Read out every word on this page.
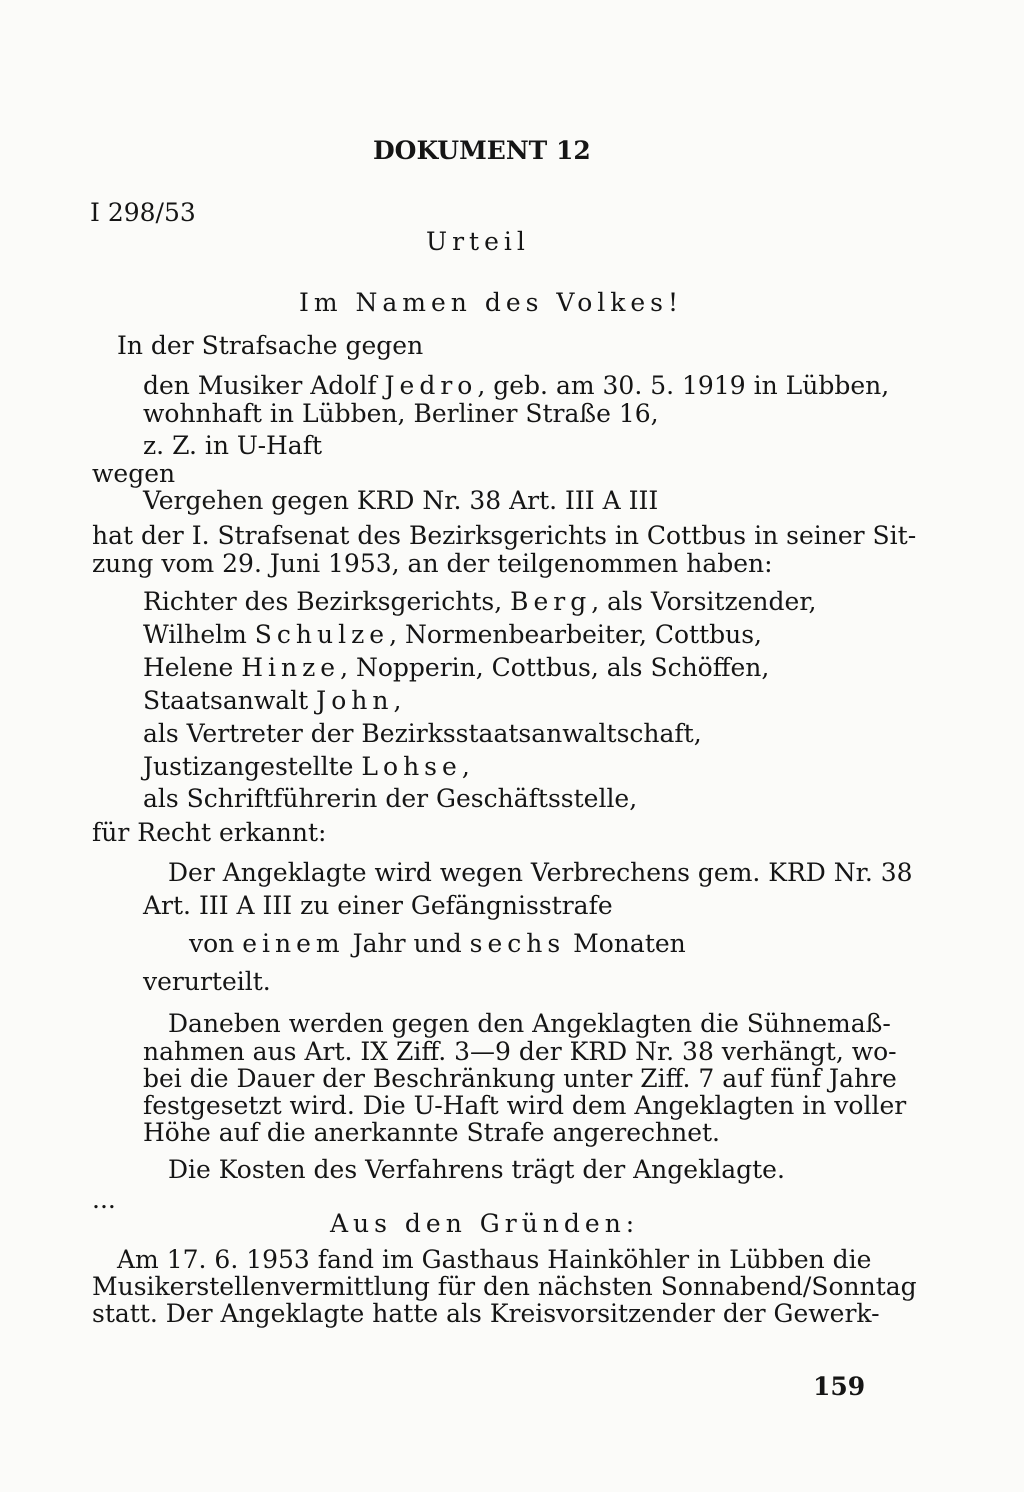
DOKUMENT 12
I 298/53
Urteil
Im Namen des Volkes!
In der Strafsache gegen
den Musiker Adolf Jedro, geb. am 30. 5. 1919 in Lübben,
wohnhaft in Lübben, Berliner Straße 16,
z. Z. in U-Haft
wegen
Vergehen gegen KRD Nr. 38 Art. III A III
hat der I. Strafsenat des Bezirksgerichts in Cottbus in seiner Sit-
zung vom 29. Juni 1953, an der teilgenommen haben:
Richter des Bezirksgerichts, Berg, als Vorsitzender,
Wilhelm Schulze, Normenbearbeiter, Cottbus,
Helene Hinze, Nopperin, Cottbus, als Schöffen,
Staatsanwalt John,
als Vertreter der Bezirksstaatsanwaltschaft,
Justizangestellte Lohse,
als Schriftführerin der Geschäftsstelle,
für Recht erkannt:
Der Angeklagte wird wegen Verbrechens gem. KRD Nr. 38
Art. III A III zu einer Gefängnisstrafe
von einem Jahr und sechs Monaten
verurteilt.
Daneben werden gegen den Angeklagten die Sühnemaß-
nahmen aus Art. IX Ziff. 3—9 der KRD Nr. 38 verhängt, wo-
bei die Dauer der Beschränkung unter Ziff. 7 auf fünf Jahre
festgesetzt wird. Die U-Haft wird dem Angeklagten in voller
Höhe auf die anerkannte Strafe angerechnet.
Die Kosten des Verfahrens trägt der Angeklagte.
...
Aus den Gründen:
Am 17. 6. 1953 fand im Gasthaus Hainköhler in Lübben die
Musikerstellenvermittlung für den nächsten Sonnabend/Sonntag
statt. Der Angeklagte hatte als Kreisvorsitzender der Gewerk-
159
